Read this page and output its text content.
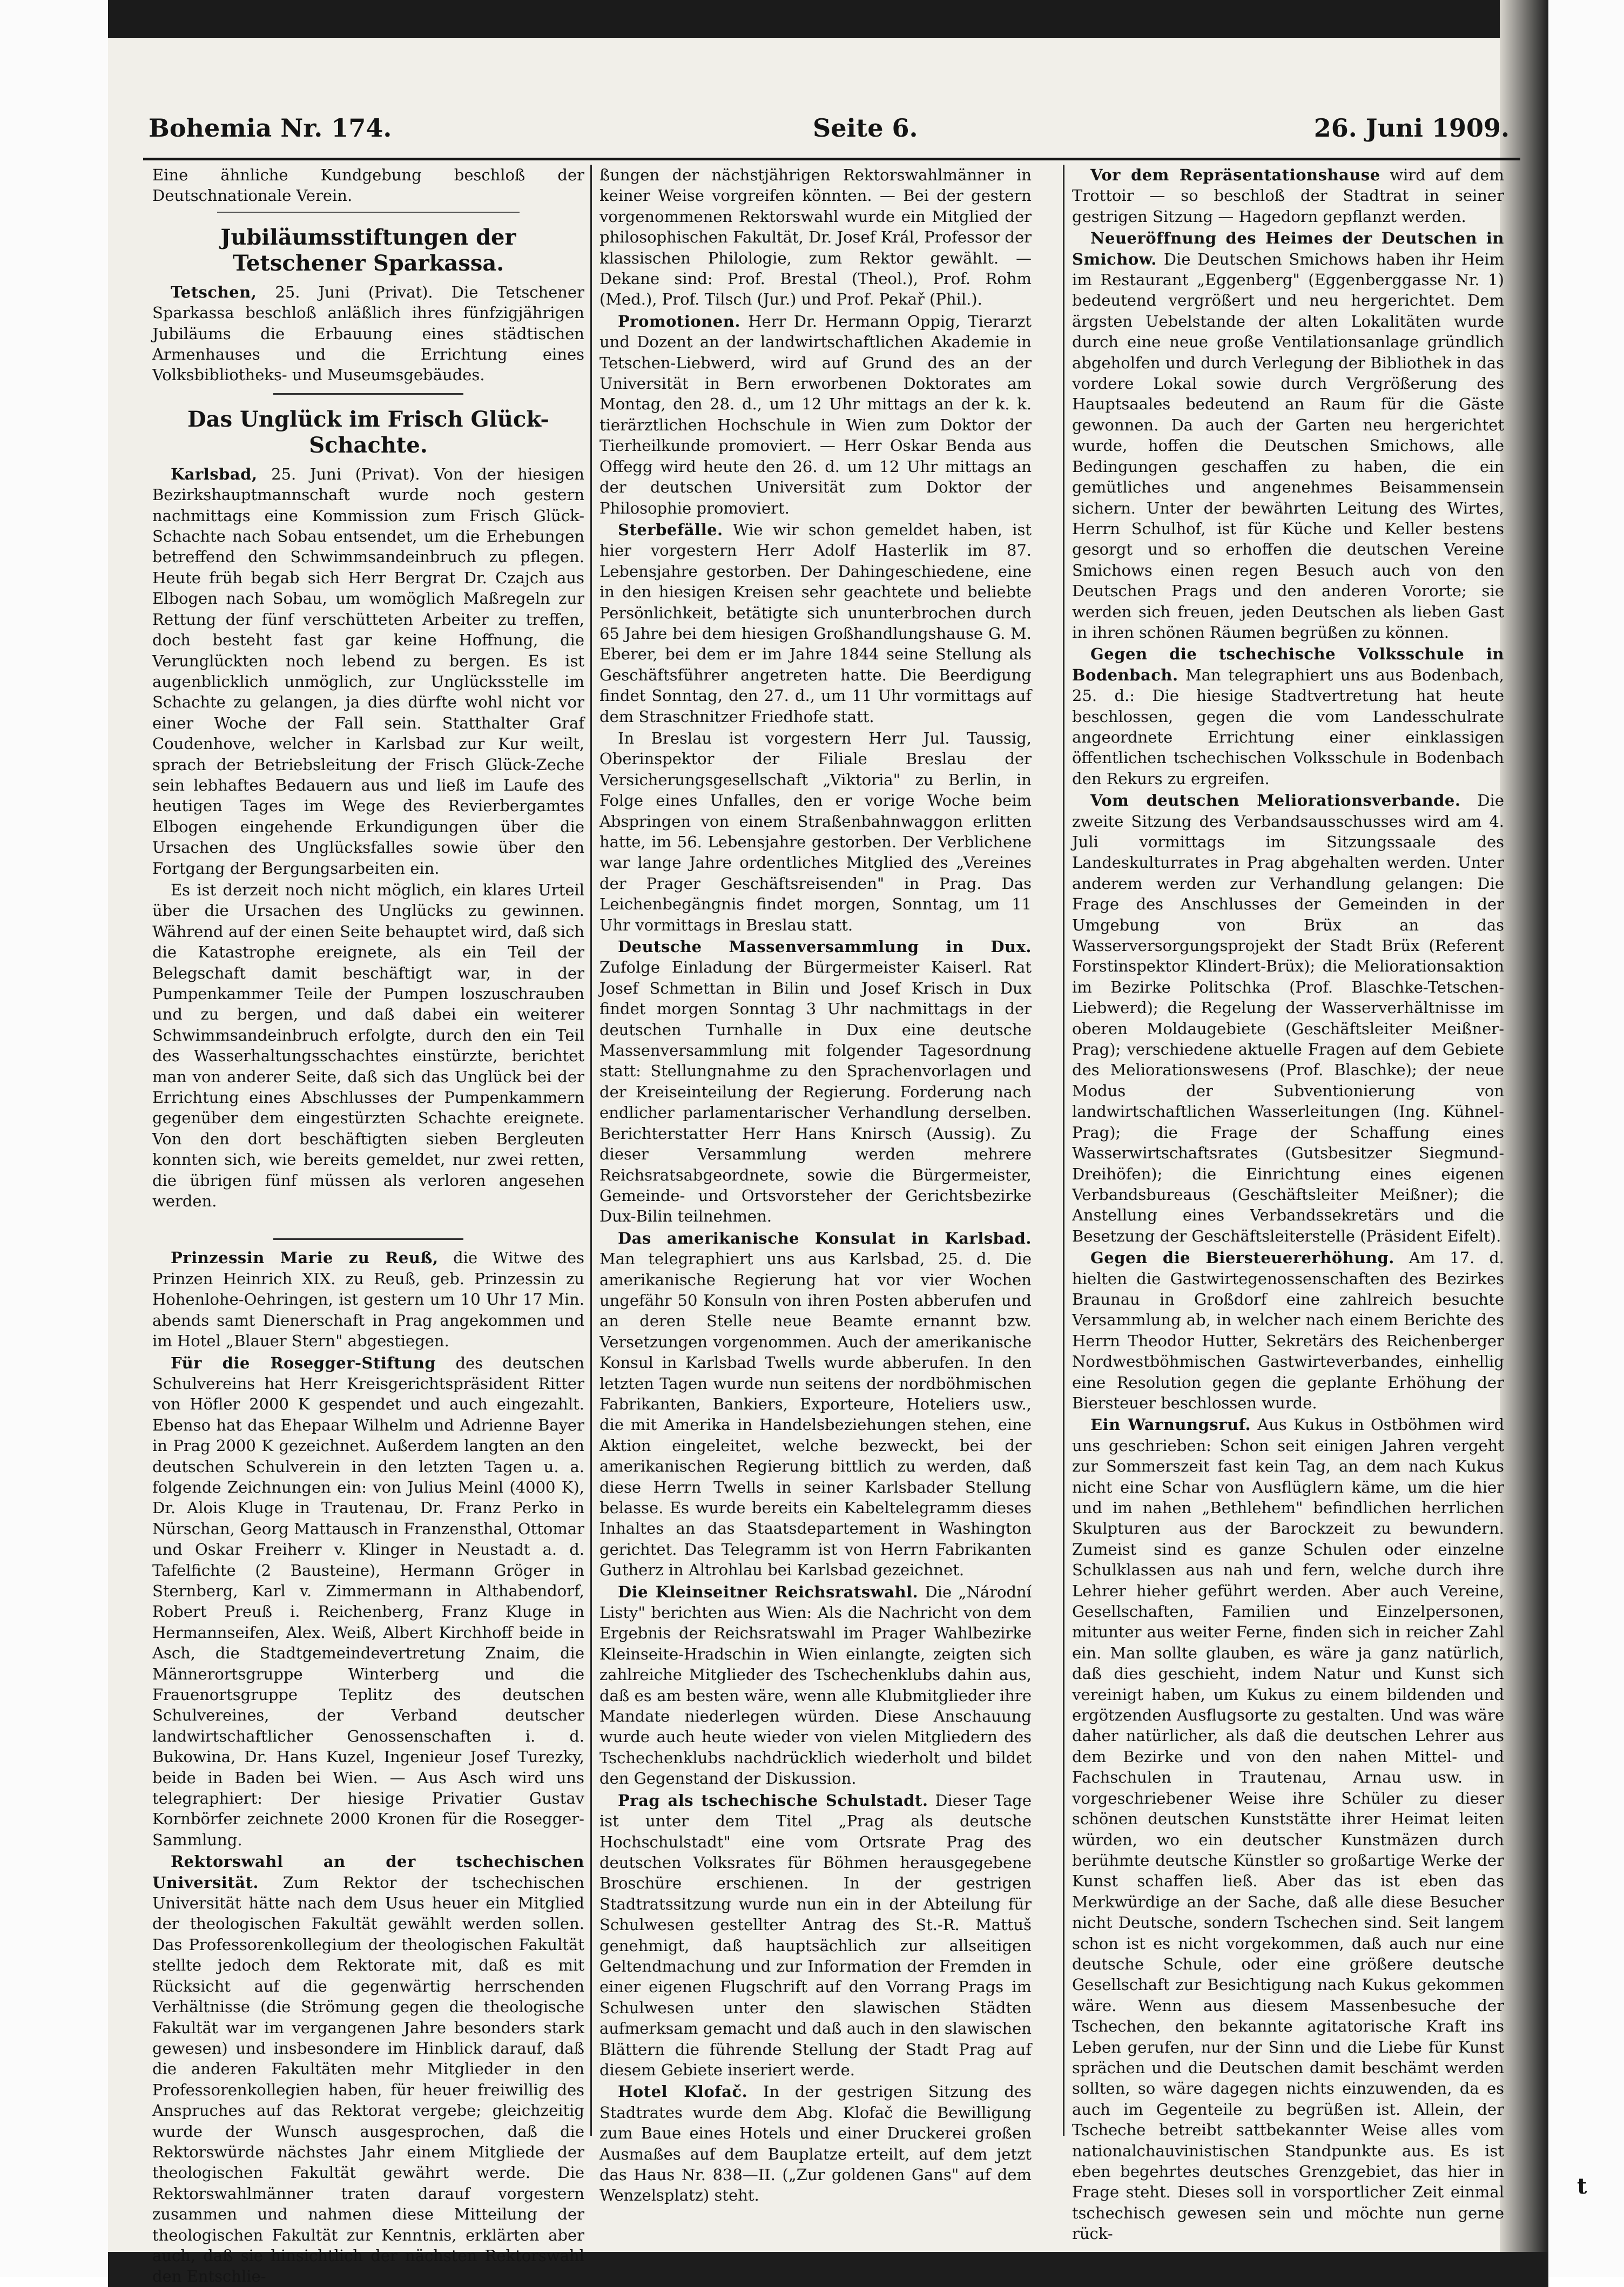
Bohemia Nr. 174.	Seite 6.	26. Juni 1909.

Eine ähnliche Kundgebung beschloß der Deutschnationale Verein.

Jubiläumsstiftungen der Tetschener Sparkassa.

Tetschen, 25. Juni (Privat). Die Tetschener Sparkassa beschloß anläßlich ihres fünfzigjährigen Jubiläums die Erbauung eines städtischen Armenhauses und die Errichtung eines Volksbibliotheks- und Museumsgebäudes.

Das Unglück im Frisch Glück-Schachte.

Karlsbad, 25. Juni (Privat). Von der hiesigen Bezirkshauptmannschaft wurde noch gestern nachmittags eine Kommission zum Frisch Glück-Schachte nach Sobau entsendet, um die Erhebungen betreffend den Schwimmsandeinbruch zu pflegen. Heute früh begab sich Herr Bergrat Dr. Czajch aus Elbogen nach Sobau, um womöglich Maßregeln zur Rettung der fünf verschütteten Arbeiter zu treffen, doch besteht fast gar keine Hoffnung, die Verunglückten noch lebend zu bergen. Es ist augenblicklich unmöglich, zur Unglücksstelle im Schachte zu gelangen, ja dies dürfte wohl nicht vor einer Woche der Fall sein. Statthalter Graf Coudenhove, welcher in Karlsbad zur Kur weilt, sprach der Betriebsleitung der Frisch Glück-Zeche sein lebhaftes Bedauern aus und ließ im Laufe des heutigen Tages im Wege des Revierbergamtes Elbogen eingehende Erkundigungen über die Ursachen des Unglücksfalles sowie über den Fortgang der Bergungsarbeiten ein.

Es ist derzeit noch nicht möglich, ein klares Urteil über die Ursachen des Unglücks zu gewinnen. Während auf der einen Seite behauptet wird, daß sich die Katastrophe ereignete, als ein Teil der Belegschaft damit beschäftigt war, in der Pumpenkammer Teile der Pumpen loszuschrauben und zu bergen, und daß dabei ein weiterer Schwimmsandeinbruch erfolgte, durch den ein Teil des Wasserhaltungsschachtes einstürzte, berichtet man von anderer Seite, daß sich das Unglück bei der Errichtung eines Abschlusses der Pumpenkammern gegenüber dem eingestürzten Schachte ereignete. Von den dort beschäftigten sieben Bergleuten konnten sich, wie bereits gemeldet, nur zwei retten, die übrigen fünf müssen als verloren angesehen werden.

Prinzessin Marie zu Reuß, die Witwe des Prinzen Heinrich XIX. zu Reuß, geb. Prinzessin zu Hohenlohe-Oehringen, ist gestern um 10 Uhr 17 Min. abends samt Dienerschaft in Prag angekommen und im Hotel „Blauer Stern" abgestiegen.

Für die Rosegger-Stiftung des deutschen Schulvereins hat Herr Kreisgerichtspräsident Ritter von Höfler 2000 K gespendet und auch eingezahlt. Ebenso hat das Ehepaar Wilhelm und Adrienne Bayer in Prag 2000 K gezeichnet. Außerdem langten an den deutschen Schulverein in den letzten Tagen u. a. folgende Zeichnungen ein: von Julius Meinl (4000 K), Dr. Alois Kluge in Trautenau, Dr. Franz Perko in Nürschan, Georg Mattausch in Franzensthal, Ottomar und Oskar Freiherr v. Klinger in Neustadt a. d. Tafelfichte (2 Bausteine), Hermann Gröger in Sternberg, Karl v. Zimmermann in Althabendorf, Robert Preuß i. Reichenberg, Franz Kluge in Hermannseifen, Alex. Weiß, Albert Kirchhoff beide in Asch, die Stadtgemeindevertretung Znaim, die Männerortsgruppe Winterberg und die Frauenortsgruppe Teplitz des deutschen Schulvereines, der Verband deutscher landwirtschaftlicher Genossenschaften i. d. Bukowina, Dr. Hans Kuzel, Ingenieur Josef Turezky, beide in Baden bei Wien. — Aus Asch wird uns telegraphiert: Der hiesige Privatier Gustav Kornbörfer zeichnete 2000 Kronen für die Rosegger-Sammlung.

Rektorswahl an der tschechischen Universität. Zum Rektor der tschechischen Universität hätte nach dem Usus heuer ein Mitglied der theologischen Fakultät gewählt werden sollen. Das Professorenkollegium der theologischen Fakultät stellte jedoch dem Rektorate mit, daß es mit Rücksicht auf die gegenwärtig herrschenden Verhältnisse (die Strömung gegen die theologische Fakultät war im vergangenen Jahre besonders stark gewesen) und insbesondere im Hinblick darauf, daß die anderen Fakultäten mehr Mitglieder in den Professorenkollegien haben, für heuer freiwillig des Anspruches auf das Rektorat vergebe; gleichzeitig wurde der Wunsch ausgesprochen, daß die Rektorswürde nächstes Jahr einem Mitgliede der theologischen Fakultät gewährt werde. Die Rektorswahlmänner traten darauf vorgestern zusammen und nahmen diese Mitteilung der theologischen Fakultät zur Kenntnis, erklärten aber auch, daß sie hinsichtlich der nächsten Rektorswahl den Entschlie-

ßungen der nächstjährigen Rektorswahlmänner in keiner Weise vorgreifen könnten. — Bei der gestern vorgenommenen Rektorswahl wurde ein Mitglied der philosophischen Fakultät, Dr. Josef Král, Professor der klassischen Philologie, zum Rektor gewählt. — Dekane sind: Prof. Brestal (Theol.), Prof. Rohm (Med.), Prof. Tilsch (Jur.) und Prof. Pekař (Phil.).

Promotionen. Herr Dr. Hermann Oppig, Tierarzt und Dozent an der landwirtschaftlichen Akademie in Tetschen-Liebwerd, wird auf Grund des an der Universität in Bern erworbenen Doktorates am Montag, den 28. d., um 12 Uhr mittags an der k. k. tierärztlichen Hochschule in Wien zum Doktor der Tierheilkunde promoviert. — Herr Oskar Benda aus Offegg wird heute den 26. d. um 12 Uhr mittags an der deutschen Universität zum Doktor der Philosophie promoviert.

Sterbefälle. Wie wir schon gemeldet haben, ist hier vorgestern Herr Adolf Hasterlik im 87. Lebensjahre gestorben. Der Dahingeschiedene, eine in den hiesigen Kreisen sehr geachtete und beliebte Persönlichkeit, betätigte sich ununterbrochen durch 65 Jahre bei dem hiesigen Großhandlungshause G. M. Eberer, bei dem er im Jahre 1844 seine Stellung als Geschäftsführer angetreten hatte. Die Beerdigung findet Sonntag, den 27. d., um 11 Uhr vormittags auf dem Straschnitzer Friedhofe statt.

In Breslau ist vorgestern Herr Jul. Taussig, Oberinspektor der Filiale Breslau der Versicherungsgesellschaft „Viktoria" zu Berlin, in Folge eines Unfalles, den er vorige Woche beim Abspringen von einem Straßenbahnwaggon erlitten hatte, im 56. Lebensjahre gestorben. Der Verblichene war lange Jahre ordentliches Mitglied des „Vereines der Prager Geschäftsreisenden" in Prag. Das Leichenbegängnis findet morgen, Sonntag, um 11 Uhr vormittags in Breslau statt.

Deutsche Massenversammlung in Dux. Zufolge Einladung der Bürgermeister Kaiserl. Rat Josef Schmettan in Bilin und Josef Krisch in Dux findet morgen Sonntag 3 Uhr nachmittags in der deutschen Turnhalle in Dux eine deutsche Massenversammlung mit folgender Tagesordnung statt: Stellungnahme zu den Sprachenvorlagen und der Kreiseinteilung der Regierung. Forderung nach endlicher parlamentarischer Verhandlung derselben. Berichterstatter Herr Hans Knirsch (Aussig). Zu dieser Versammlung werden mehrere Reichsratsabgeordnete, sowie die Bürgermeister, Gemeinde- und Ortsvorsteher der Gerichtsbezirke Dux-Bilin teilnehmen.

Das amerikanische Konsulat in Karlsbad. Man telegraphiert uns aus Karlsbad, 25. d. Die amerikanische Regierung hat vor vier Wochen ungefähr 50 Konsuln von ihren Posten abberufen und an deren Stelle neue Beamte ernannt bzw. Versetzungen vorgenommen. Auch der amerikanische Konsul in Karlsbad Twells wurde abberufen. In den letzten Tagen wurde nun seitens der nordböhmischen Fabrikanten, Bankiers, Exporteure, Hoteliers usw., die mit Amerika in Handelsbeziehungen stehen, eine Aktion eingeleitet, welche bezweckt, bei der amerikanischen Regierung bittlich zu werden, daß diese Herrn Twells in seiner Karlsbader Stellung belasse. Es wurde bereits ein Kabeltelegramm dieses Inhaltes an das Staatsdepartement in Washington gerichtet. Das Telegramm ist von Herrn Fabrikanten Gutherz in Altrohlau bei Karlsbad gezeichnet.

Die Kleinseitner Reichsratswahl. Die „Národní Listy" berichten aus Wien: Als die Nachricht von dem Ergebnis der Reichsratswahl im Prager Wahlbezirke Kleinseite-Hradschin in Wien einlangte, zeigten sich zahlreiche Mitglieder des Tschechenklubs dahin aus, daß es am besten wäre, wenn alle Klubmitglieder ihre Mandate niederlegen würden. Diese Anschauung wurde auch heute wieder von vielen Mitgliedern des Tschechenklubs nachdrücklich wiederholt und bildet den Gegenstand der Diskussion.

Prag als tschechische Schulstadt. Dieser Tage ist unter dem Titel „Prag als deutsche Hochschulstadt" eine vom Ortsrate Prag des deutschen Volksrates für Böhmen herausgegebene Broschüre erschienen. In der gestrigen Stadtratssitzung wurde nun ein in der Abteilung für Schulwesen gestellter Antrag des St.-R. Mattuš genehmigt, daß hauptsächlich zur allseitigen Geltendmachung und zur Information der Fremden in einer eigenen Flugschrift auf den Vorrang Prags im Schulwesen unter den slawischen Städten aufmerksam gemacht und daß auch in den slawischen Blättern die führende Stellung der Stadt Prag auf diesem Gebiete inseriert werde.

Hotel Klofač. In der gestrigen Sitzung des Stadtrates wurde dem Abg. Klofač die Bewilligung zum Baue eines Hotels und einer Druckerei großen Ausmaßes auf dem Bauplatze erteilt, auf dem jetzt das Haus Nr. 838—II. („Zur goldenen Gans" auf dem Wenzelsplatz) steht.

Vor dem Repräsentationshause wird auf dem Trottoir — so beschloß der Stadtrat in seiner gestrigen Sitzung — Hagedorn gepflanzt werden.

Neueröffnung des Heimes der Deutschen in Smichow. Die Deutschen Smichows haben ihr Heim im Restaurant „Eggenberg" (Eggenberggasse Nr. 1) bedeutend vergrößert und neu hergerichtet. Dem ärgsten Uebelstande der alten Lokalitäten wurde durch eine neue große Ventilationsanlage gründlich abgeholfen und durch Verlegung der Bibliothek in das vordere Lokal sowie durch Vergrößerung des Hauptsaales bedeutend an Raum für die Gäste gewonnen. Da auch der Garten neu hergerichtet wurde, hoffen die Deutschen Smichows, alle Bedingungen geschaffen zu haben, die ein gemütliches und angenehmes Beisammensein sichern. Unter der bewährten Leitung des Wirtes, Herrn Schulhof, ist für Küche und Keller bestens gesorgt und so erhoffen die deutschen Vereine Smichows einen regen Besuch auch von den Deutschen Prags und den anderen Vororte; sie werden sich freuen, jeden Deutschen als lieben Gast in ihren schönen Räumen begrüßen zu können.

Gegen die tschechische Volksschule in Bodenbach. Man telegraphiert uns aus Bodenbach, 25. d.: Die hiesige Stadtvertretung hat heute beschlossen, gegen die vom Landesschulrate angeordnete Errichtung einer einklassigen öffentlichen tschechischen Volksschule in Bodenbach den Rekurs zu ergreifen.

Vom deutschen Meliorationsverbande. Die zweite Sitzung des Verbandsausschusses wird am 4. Juli vormittags im Sitzungssaale des Landeskulturrates in Prag abgehalten werden. Unter anderem werden zur Verhandlung gelangen: Die Frage des Anschlusses der Gemeinden in der Umgebung von Brüx an das Wasserversorgungsprojekt der Stadt Brüx (Referent Forstinspektor Klindert-Brüx); die Meliorationsaktion im Bezirke Politschka (Prof. Blaschke-Tetschen-Liebwerd); die Regelung der Wasserverhältnisse im oberen Moldaugebiete (Geschäftsleiter Meißner-Prag); verschiedene aktuelle Fragen auf dem Gebiete des Meliorationswesens (Prof. Blaschke); der neue Modus der Subventionierung von landwirtschaftlichen Wasserleitungen (Ing. Kühnel-Prag); die Frage der Schaffung eines Wasserwirtschaftsrates (Gutsbesitzer Siegmund-Dreihöfen); die Einrichtung eines eigenen Verbandsbureaus (Geschäftsleiter Meißner); die Anstellung eines Verbandssekretärs und die Besetzung der Geschäftsleiterstelle (Präsident Eifelt).

Gegen die Biersteuererhöhung. Am 17. d. hielten die Gastwirtegenossenschaften des Bezirkes Braunau in Großdorf eine zahlreich besuchte Versammlung ab, in welcher nach einem Berichte des Herrn Theodor Hutter, Sekretärs des Reichenberger Nordwestböhmischen Gastwirteverbandes, einhellig eine Resolution gegen die geplante Erhöhung der Biersteuer beschlossen wurde.

Ein Warnungsruf. Aus Kukus in Ostböhmen wird uns geschrieben: Schon seit einigen Jahren vergeht zur Sommerszeit fast kein Tag, an dem nach Kukus nicht eine Schar von Ausflüglern käme, um die hier und im nahen „Bethlehem" befindlichen herrlichen Skulpturen aus der Barockzeit zu bewundern. Zumeist sind es ganze Schulen oder einzelne Schulklassen aus nah und fern, welche durch ihre Lehrer hieher geführt werden. Aber auch Vereine, Gesellschaften, Familien und Einzelpersonen, mitunter aus weiter Ferne, finden sich in reicher Zahl ein. Man sollte glauben, es wäre ja ganz natürlich, daß dies geschieht, indem Natur und Kunst sich vereinigt haben, um Kukus zu einem bildenden und ergötzenden Ausflugsorte zu gestalten. Und was wäre daher natürlicher, als daß die deutschen Lehrer aus dem Bezirke und von den nahen Mittel- und Fachschulen in Trautenau, Arnau usw. in vorgeschriebener Weise ihre Schüler zu dieser schönen deutschen Kunststätte ihrer Heimat leiten würden, wo ein deutscher Kunstmäzen durch berühmte deutsche Künstler so großartige Werke der Kunst schaffen ließ. Aber das ist eben das Merkwürdige an der Sache, daß alle diese Besucher nicht Deutsche, sondern Tschechen sind. Seit langem schon ist es nicht vorgekommen, daß auch nur eine deutsche Schule, oder eine größere deutsche Gesellschaft zur Besichtigung nach Kukus gekommen wäre. Wenn aus diesem Massenbesuche der Tschechen, den bekannte agitatorische Kraft ins Leben gerufen, nur der Sinn und die Liebe für Kunst sprächen und die Deutschen damit beschämt werden sollten, so wäre dagegen nichts einzuwenden, da es auch im Gegenteile zu begrüßen ist. Allein, der Tscheche betreibt sattbekannter Weise alles vom nationalchauvinistischen Standpunkte aus. Es ist eben begehrtes deutsches Grenzgebiet, das hier in Frage steht. Dieses soll in vorsportlicher Zeit einmal tschechisch gewesen sein und möchte nun gerne rück-

t
